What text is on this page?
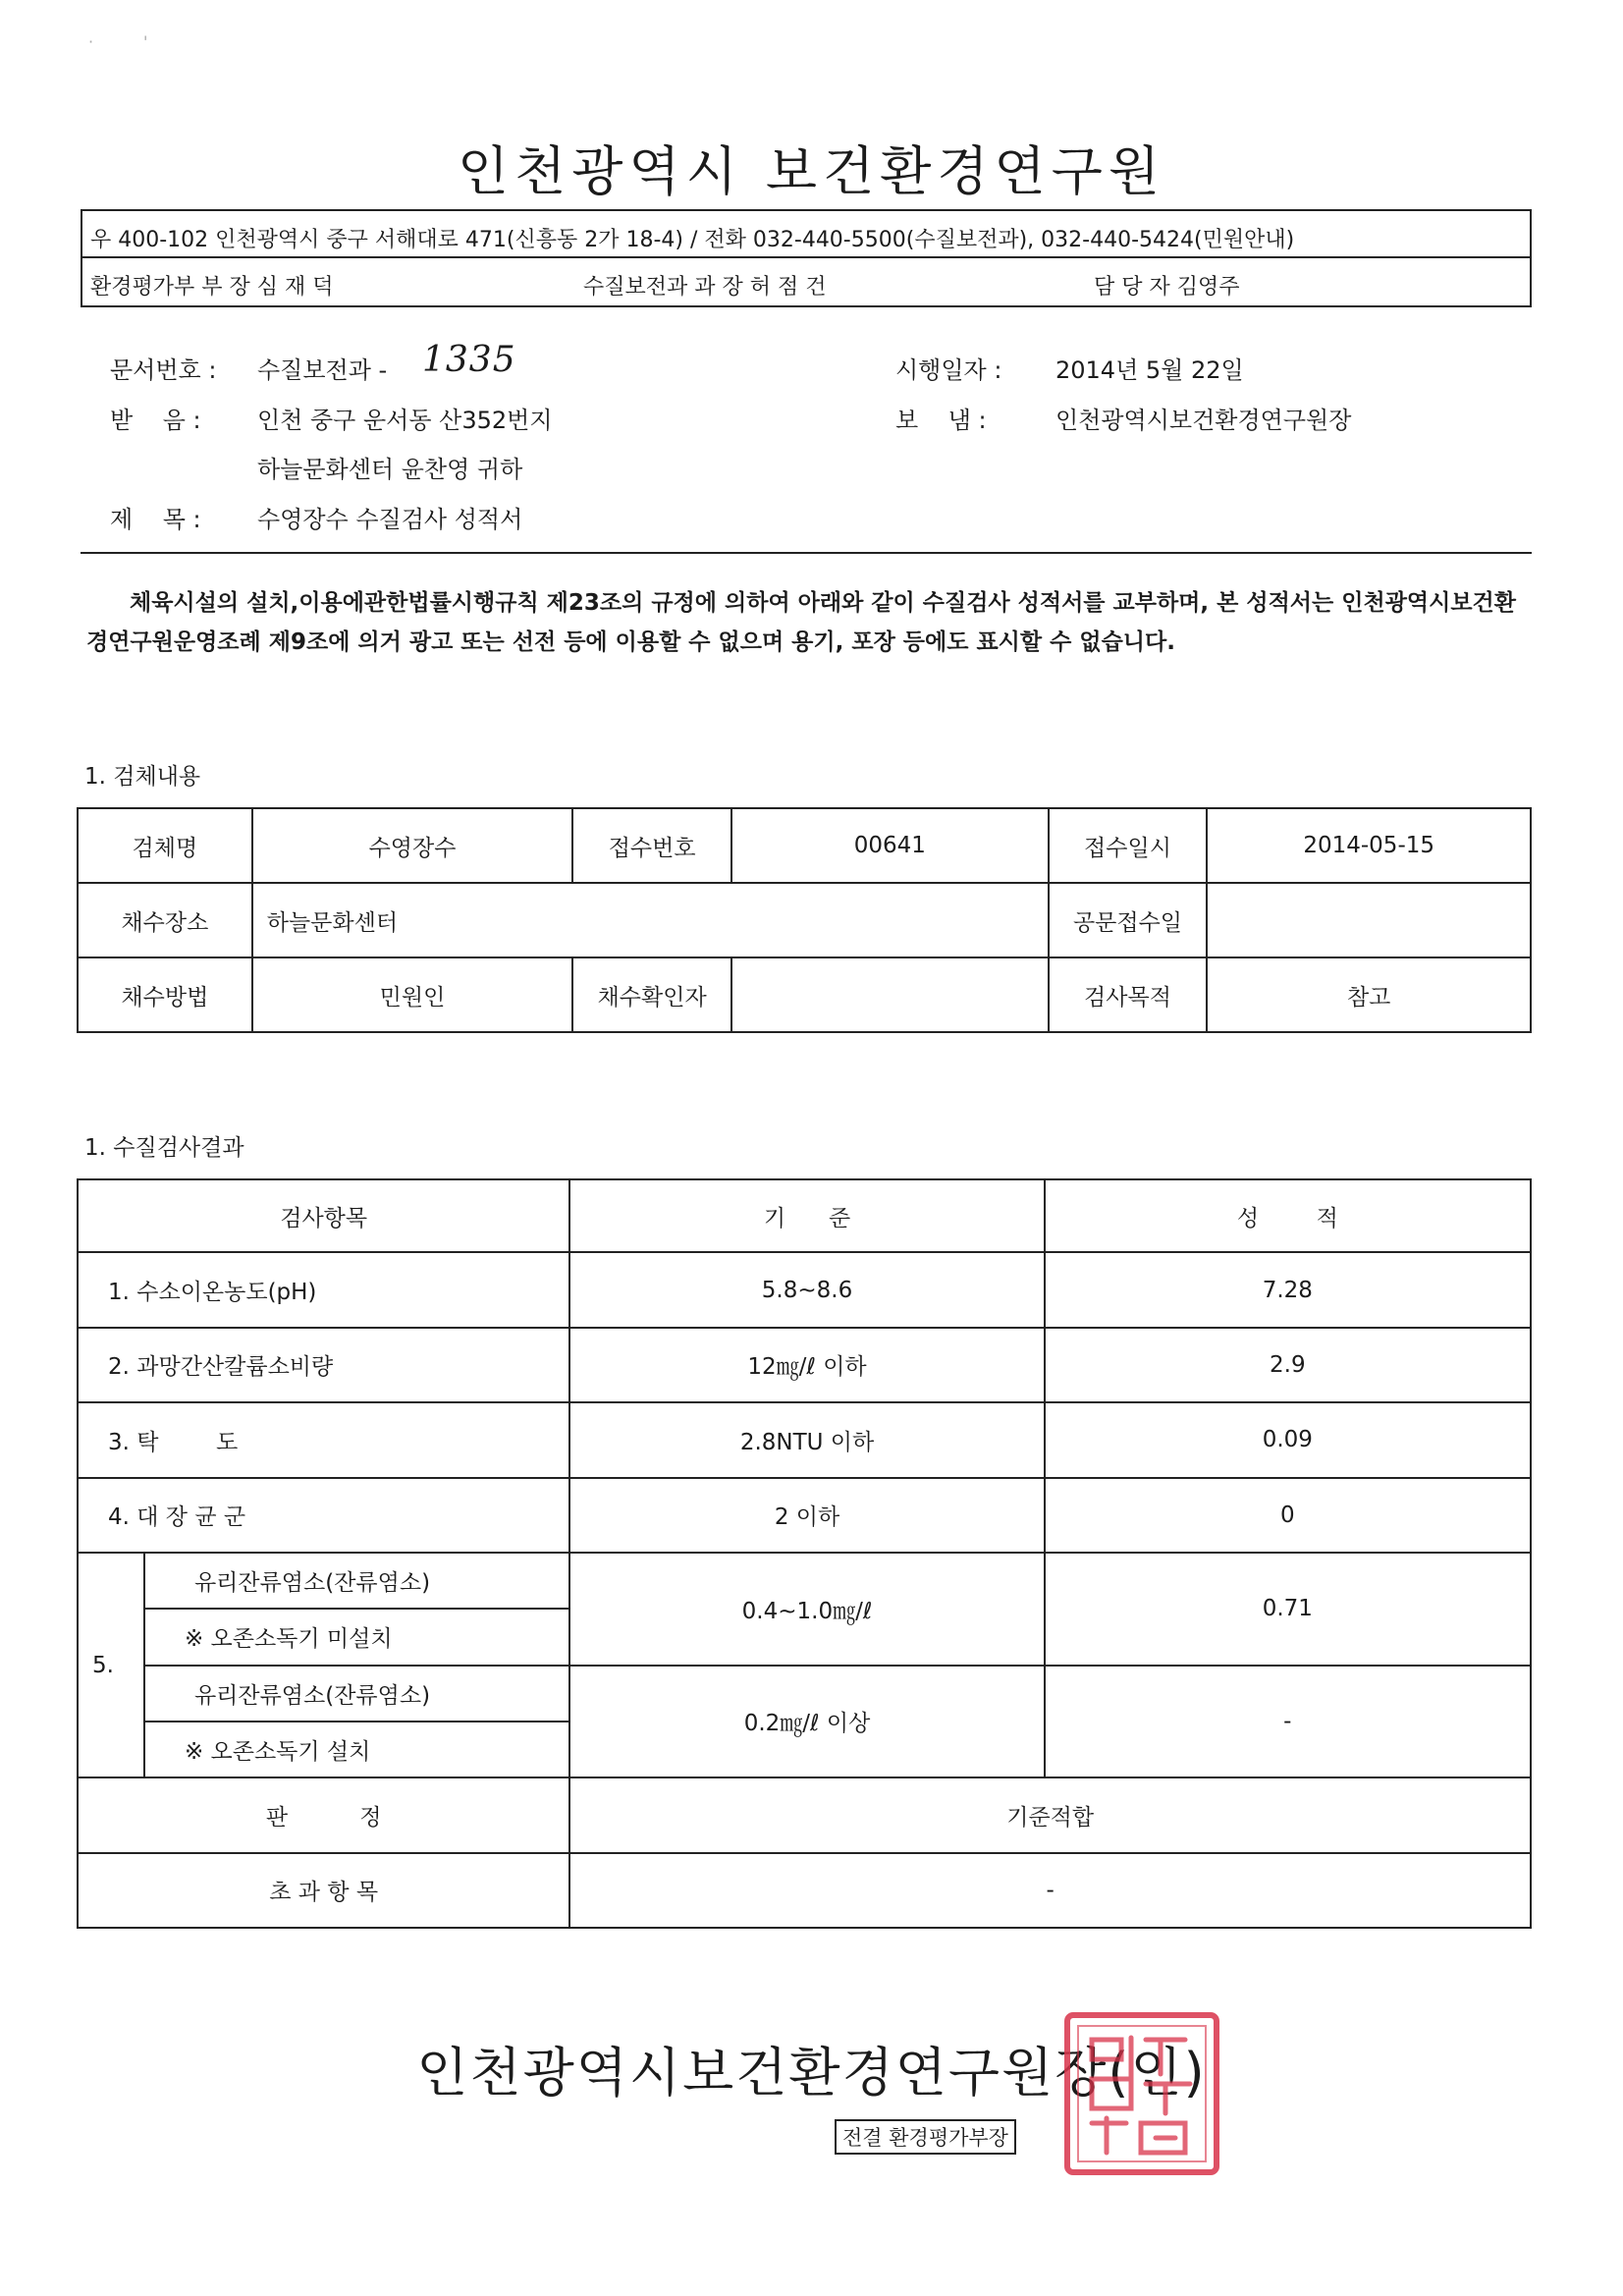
·          '
인천광역시 보건환경연구원
우 400-102 인천광역시 중구 서해대로 471(신흥동 2가 18-4) / 전화 032-440-5500(수질보전과), 032-440-5424(민원안내)
환경평가부 부 장 심 재 덕	수질보전과 과 장 허 점 건	담 당 자 김영주
문서번호 : 수질보전과 - 1335	시행일자 : 2014년 5월 22일
받    음 : 인천 중구 운서동 산352번지	보    냄 :	인천광역시보건환경연구원장
하늘문화센터 윤찬영 귀하
제    목 : 수영장수 수질검사 성적서

체육시설의 설치,이용에관한법률시행규칙 제23조의 규정에 의하여 아래와 같이 수질검사 성적서를 교부하며, 본 성적서는 인천광역시보건환경연구원운영조례 제9조에 의거 광고 또는 선전 등에 이용할 수 없으며 용기, 포장 등에도 표시할 수 없습니다.

1. 검체내용
검체명	수영장수	접수번호	00641	접수일시	2014-05-15
채수장소	하늘문화센터			공문접수일	
채수방법	민원인	채수확인자		검사목적	참고
1. 수질검사결과
검사항목		기      준	성        적
1. 수소이온농도(pH)		5.8~8.6	7.28
2. 과망간산칼륨소비량		12㎎/ℓ 이하	2.9
3. 탁        도		2.8NTU 이하	0.09
4. 대 장 균 군		2 이하	0
5.	유리잔류염소(잔류염소)	0.4~1.0㎎/ℓ	0.71
	※ 오존소독기 미설치		
	유리잔류염소(잔류염소)	0.2㎎/ℓ 이상	-
	※ 오존소독기 설치		
판          정		기준적합	
초 과 항 목		-	
인천광역시보건환경연구원장(인)
전결 환경평가부장
